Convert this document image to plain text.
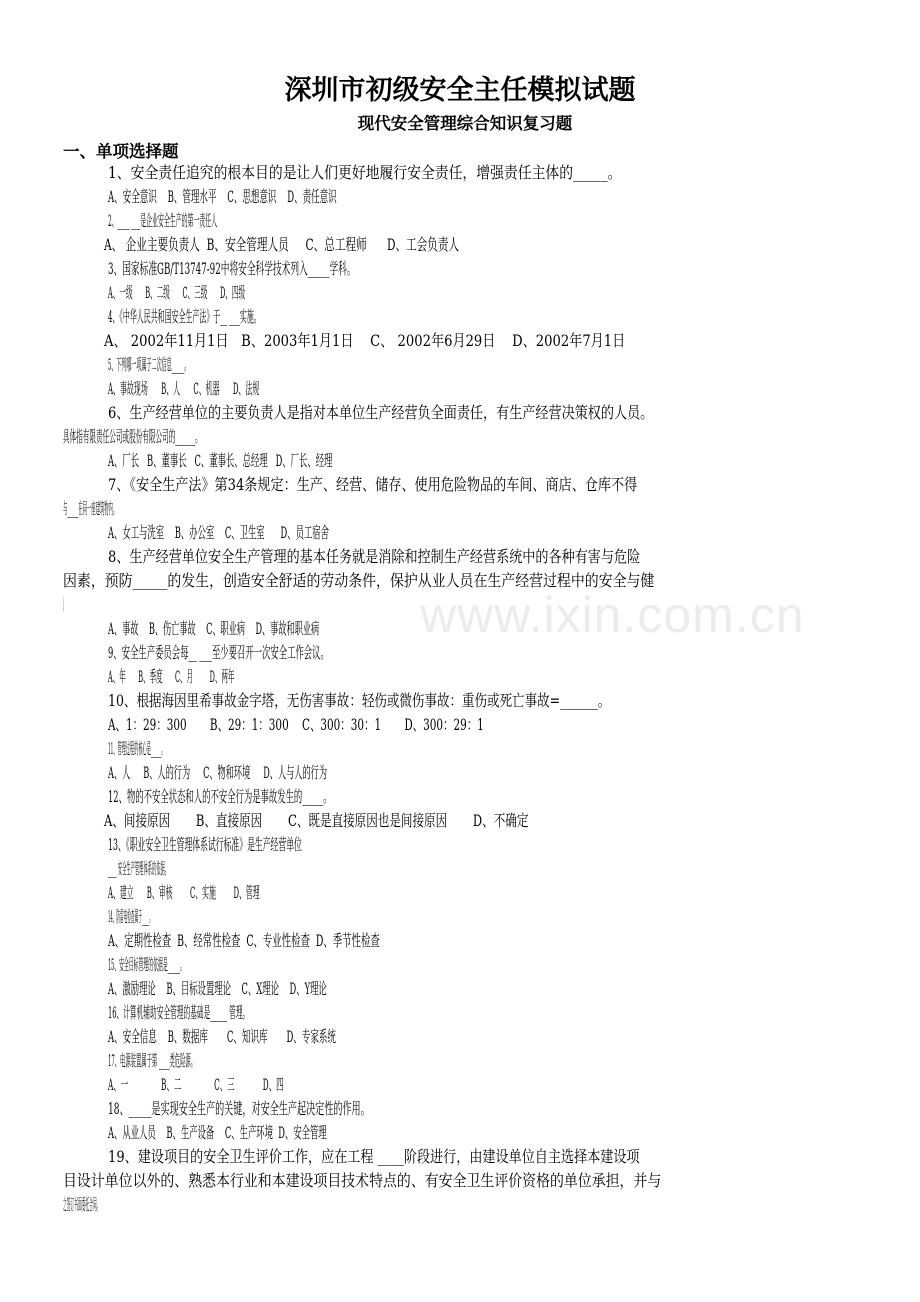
www.ixin.com.cn
深圳市初级安全主任模拟试题
现代安全管理综合知识复习题
一、单项选择题
1、安全责任追究的根本目的是让人们更好地履行安全责任，增强责任主体的_____。
A、安全意识    B、管理水平    C、思想意识    D、责任意识
2、____ ___是企业安全生产的第一责任人
A、 企业主要负责人  B、安全管理人员     C、总工程师      D、工会负责人
3、国家标准GB/T13747-92中将安全科学技术列入_____学科。
A、一级      B、二级      C、三级      D、四级
4、《中华人民共和国安全生产法》于__ ___实施。
A、 2002年11月1日   B、2003年1月1日    C、 2002年6月29日    D、2002年7月1日
5、下列哪一项属于二次信息_____。
A、事故现场      B、人      C、机器      D、法规
6、生产经营单位的主要负责人是指对本单位生产经营负全面责任，有生产经营决策权的人员。
具体指有限责任公司或股份有限公司的______。
A、厂长   B、董事长   C、董事长、总经理   D、厂长、经理
7、《安全生产法》第34条规定：生产、经营、储存、使用危险物品的车间、商店、仓库不得
与_____在同一座建筑物内。
A、女工与洗室    B、办公室    C、卫生室      D、员工宿舍
8、生产经营单位安全生产管理的基本任务就是消除和控制生产经营系统中的各种有害与危险
因素，预防_____的发生，创造安全舒适的劳动条件，保护从业人员在生产经营过程中的安全与健
康。
A、事故    B、伤亡事故    C、职业病    D、事故和职业病
9、安全生产委员会每__ ___至少要召开一次安全工作会议。
A、年      B、季度      C、月        D、两年
10、根据海因里希事故金字塔，无伤害事故：轻伤或微伤事故：重伤或死亡事故=______。
A、1：29：300       B、29：1：300    C、300：30：1       D、300：29：1
11、管理过程的核心是_____。
A、人     B、人的行为     C、物和环境     D、人与人的行为
12、物的不安全状态和人的不安全行为是事故发生的_____。
A、间接原因       B、直接原因       C、既是直接原因也是间接原因       D、不确定
13、《职业安全卫生管理体系试行标准》是生产经营单位
____ 安全生产管理体系的依据。
A、建立      B、审核        C、实施        D、管理
14、防雷电检查属于____。
A、定期性检查  B、经常性检查  C、专业性检查  D、季节性检查
15、安全目标管理的依据是_____。
A、激励理论    B、目标设置理论    C、X理论    D、Y理论
16、计算机辅助安全管理的基础是_____ 管理。
A、安全信息    B、数据库       C、知识库       D、专家系统
17、电源装置属于第 ____类危险源。
A、一              B、二              C、三            D、四
18、_____是实现安全生产的关键，对安全生产起决定性的作用。
A、从业人员    B、生产设备    C、生产环境  D、安全管理
19、建设项目的安全卫生评价工作，应在工程 ____阶段进行，由建设单位自主选择本建设项
目设计单位以外的、熟悉本行业和本建设项目技术特点的、有安全卫生评价资格的单位承担，并与
之签订书面委托合同。
